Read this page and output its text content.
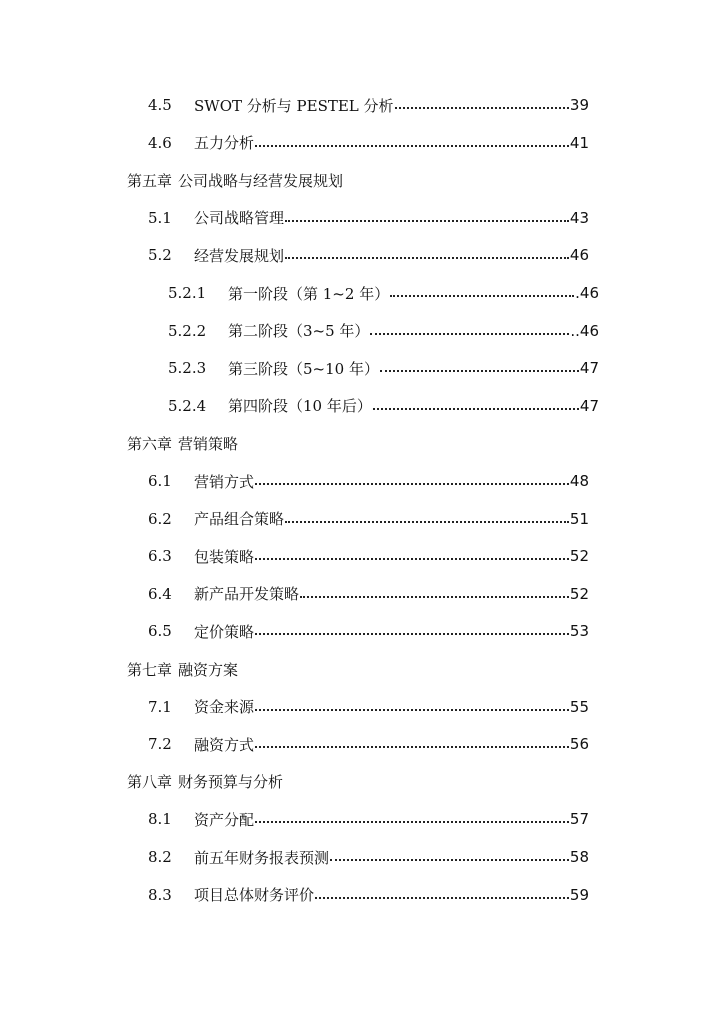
4.5	SWOT 分析与 PESTEL 分析	39
4.6	五力分析	41
第五章 公司战略与经营发展规划
5.1	公司战略管理	43
5.2	经营发展规划	46
5.2.1	第一阶段（第 1~2 年）	.46
5.2.2	第二阶段（3~5 年）	..46
5.2.3	第三阶段（5~10 年）	47
5.2.4	第四阶段（10 年后）	47
第六章 营销策略
6.1	营销方式	48
6.2	产品组合策略	51
6.3	包装策略	52
6.4	新产品开发策略	52
6.5	定价策略	53
第七章 融资方案
7.1	资金来源	55
7.2	融资方式	56
第八章 财务预算与分析
8.1	资产分配	57
8.2	前五年财务报表预测	58
8.3	项目总体财务评价	59
